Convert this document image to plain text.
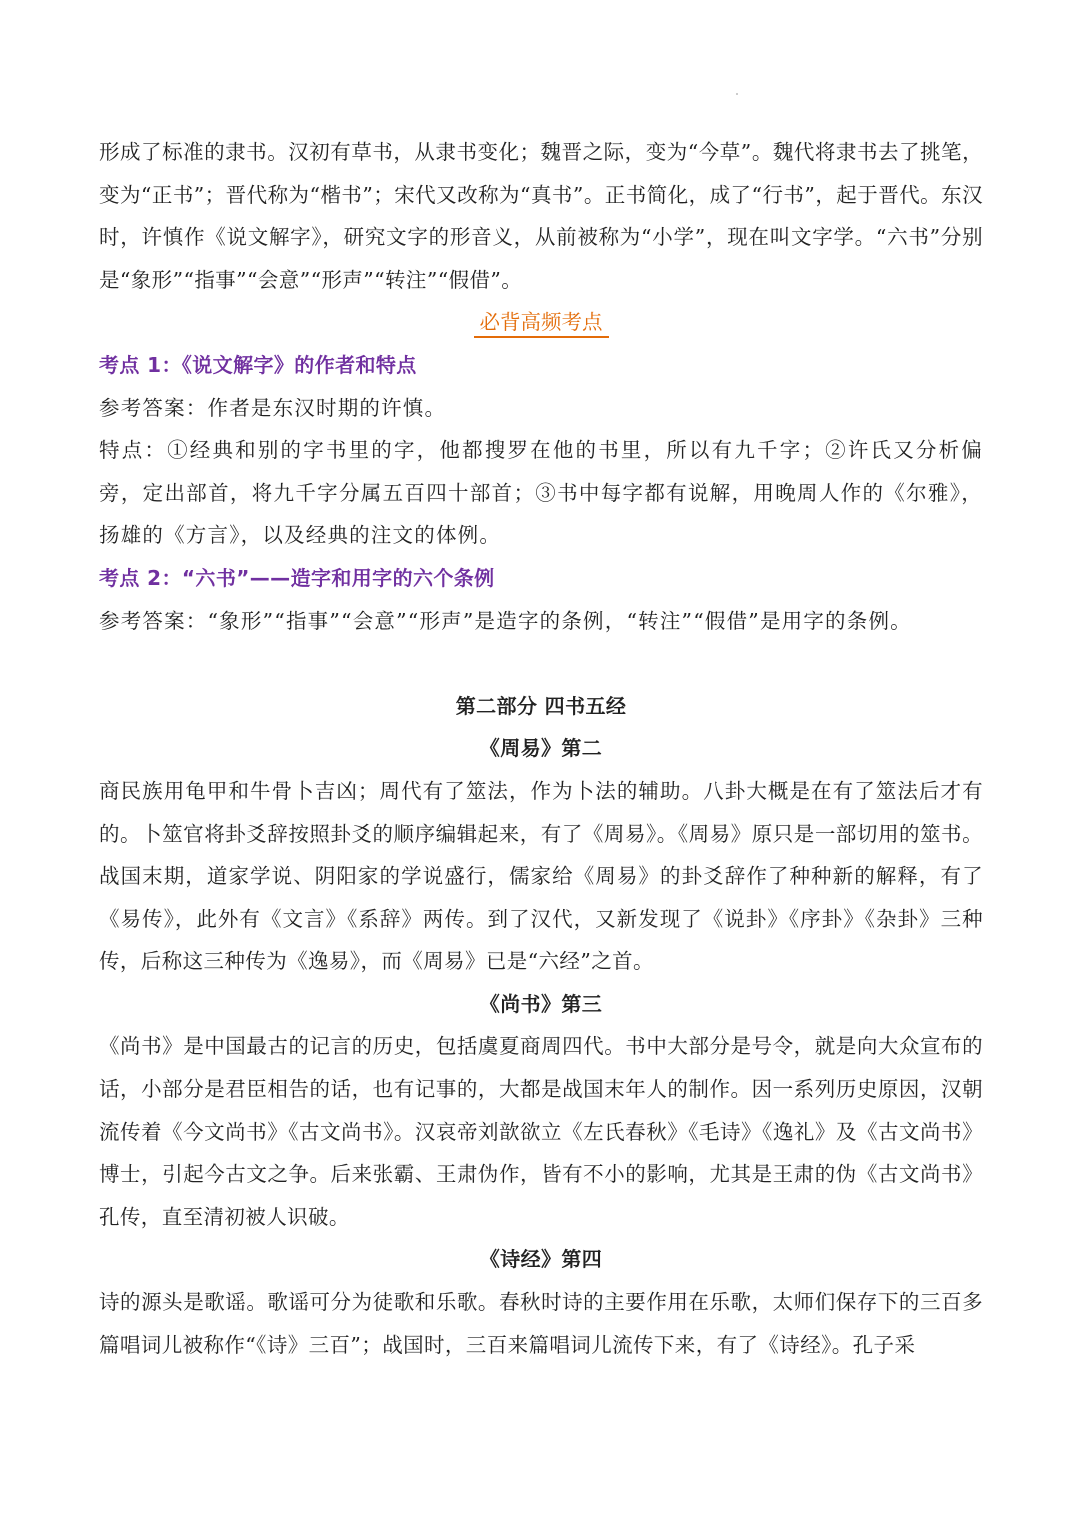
形成了标准的隶书。汉初有草书，从隶书变化；魏晋之际，变为“今草”。魏代将隶书去了挑笔，变为“正书”；晋代称为“楷书”；宋代又改称为“真书”。正书简化，成了“行书”，起于晋代。东汉时，许慎作《说文解字》，研究文字的形音义，从前被称为“小学”，现在叫文字学。“六书”分别是“象形”“指事”“会意”“形声”“转注”“假借”。

必背高频考点

考点 1：《说文解字》的作者和特点

参考答案：作者是东汉时期的许慎。

特点：①经典和别的字书里的字，他都搜罗在他的书里，所以有九千字；②许氏又分析偏旁，定出部首，将九千字分属五百四十部首；③书中每字都有说解，用晚周人作的《尔雅》，扬雄的《方言》，以及经典的注文的体例。

考点 2：“六书”——造字和用字的六个条例

参考答案：“象形”“指事”“会意”“形声”是造字的条例，“转注”“假借”是用字的条例。

第二部分 四书五经

《周易》第二

商民族用龟甲和牛骨卜吉凶；周代有了筮法，作为卜法的辅助。八卦大概是在有了筮法后才有的。卜筮官将卦爻辞按照卦爻的顺序编辑起来，有了《周易》。《周易》原只是一部切用的筮书。战国末期，道家学说、阴阳家的学说盛行，儒家给《周易》的卦爻辞作了种种新的解释，有了《易传》，此外有《文言》《系辞》两传。到了汉代，又新发现了《说卦》《序卦》《杂卦》三种传，后称这三种传为《逸易》，而《周易》已是“六经”之首。

《尚书》第三

《尚书》是中国最古的记言的历史，包括虞夏商周四代。书中大部分是号令，就是向大众宣布的话，小部分是君臣相告的话，也有记事的，大都是战国末年人的制作。因一系列历史原因，汉朝流传着《今文尚书》《古文尚书》。汉哀帝刘歆欲立《左氏春秋》《毛诗》《逸礼》及《古文尚书》博士，引起今古文之争。后来张霸、王肃伪作，皆有不小的影响，尤其是王肃的伪《古文尚书》孔传，直至清初被人识破。

《诗经》第四

诗的源头是歌谣。歌谣可分为徒歌和乐歌。春秋时诗的主要作用在乐歌，太师们保存下的三百多篇唱词儿被称作“《诗》三百”；战国时，三百来篇唱词儿流传下来，有了《诗经》。孔子采
